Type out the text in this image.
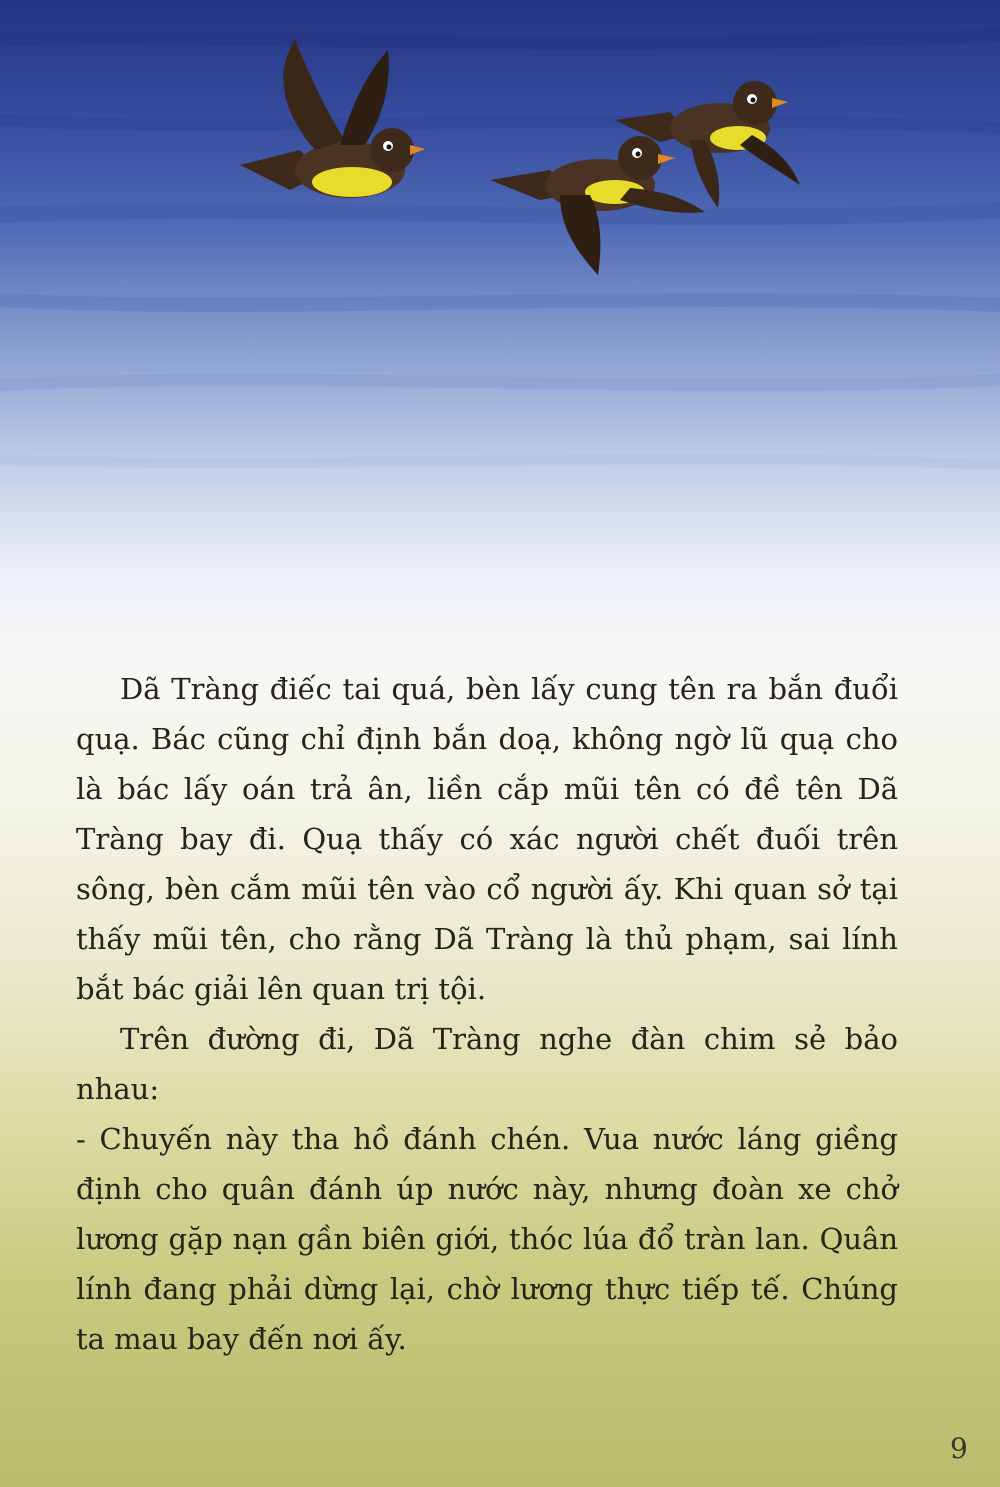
Dã Tràng điếc tai quá, bèn lấy cung tên ra bắn đuổi quạ. Bác cũng chỉ định bắn doạ, không ngờ lũ quạ cho là bác lấy oán trả ân, liền cắp mũi tên có đề tên Dã Tràng bay đi. Quạ thấy có xác người chết đuối trên sông, bèn cắm mũi tên vào cổ người ấy. Khi quan sở tại thấy mũi tên, cho rằng Dã Tràng là thủ phạm, sai lính bắt bác giải lên quan trị tội.

Trên đường đi, Dã Tràng nghe đàn chim sẻ bảo nhau:

- Chuyến này tha hồ đánh chén. Vua nước láng giềng định cho quân đánh úp nước này, nhưng đoàn xe chở lương gặp nạn gần biên giới, thóc lúa đổ tràn lan. Quân lính đang phải dừng lại, chờ lương thực tiếp tế. Chúng ta mau bay đến nơi ấy.

9
